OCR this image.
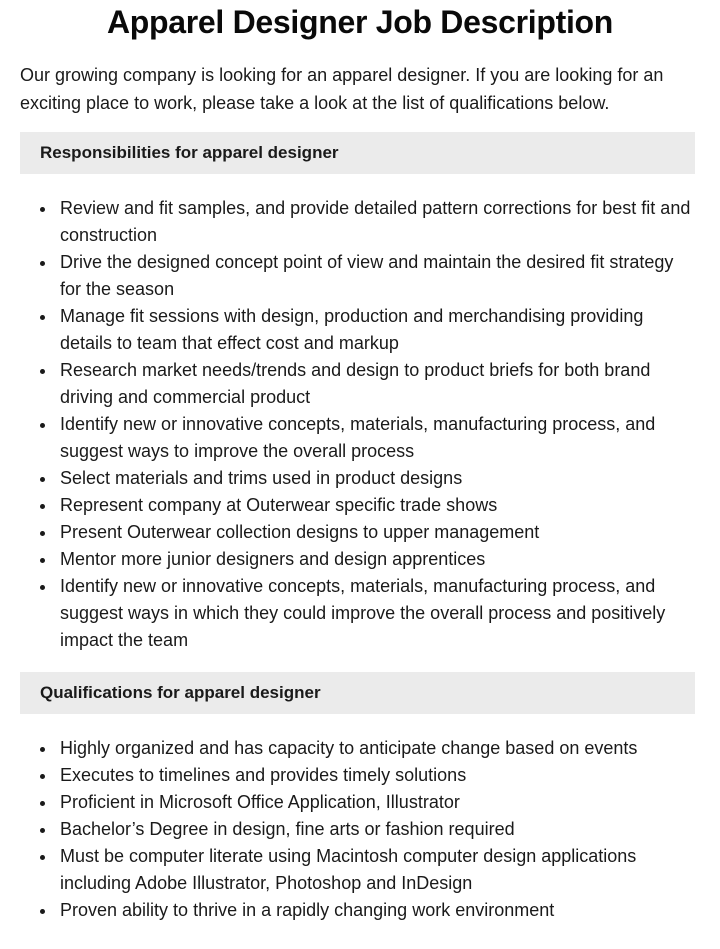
Apparel Designer Job Description

Our growing company is looking for an apparel designer. If you are looking for an exciting place to work, please take a look at the list of qualifications below.

Responsibilities for apparel designer
Review and fit samples, and provide detailed pattern corrections for best fit and construction
Drive the designed concept point of view and maintain the desired fit strategy for the season
Manage fit sessions with design, production and merchandising providing details to team that effect cost and markup
Research market needs/trends and design to product briefs for both brand driving and commercial product
Identify new or innovative concepts, materials, manufacturing process, and suggest ways to improve the overall process
Select materials and trims used in product designs
Represent company at Outerwear specific trade shows
Present Outerwear collection designs to upper management
Mentor more junior designers and design apprentices
Identify new or innovative concepts, materials, manufacturing process, and suggest ways in which they could improve the overall process and positively impact the team
Qualifications for apparel designer
Highly organized and has capacity to anticipate change based on events
Executes to timelines and provides timely solutions
Proficient in Microsoft Office Application, Illustrator
Bachelor’s Degree in design, fine arts or fashion required
Must be computer literate using Macintosh computer design applications including Adobe Illustrator, Photoshop and InDesign
Proven ability to thrive in a rapidly changing work environment
